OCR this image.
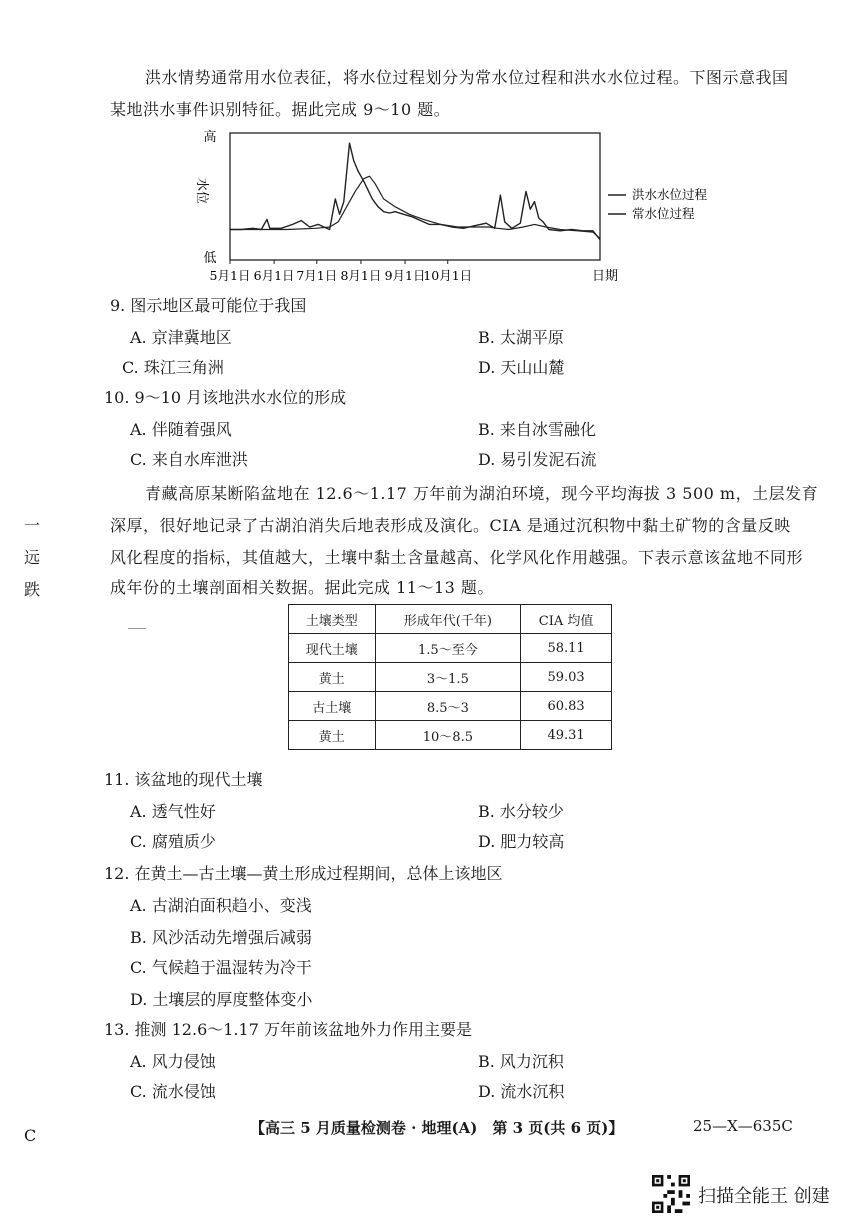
洪水情势通常用水位表征，将水位过程划分为常水位过程和洪水水位过程。下图示意我国
某地洪水事件识别特征。据此完成 9～10 题。
5月1日 6月1日 7月1日 8月1日 9月1日
10月1日
高
低
水位
日期
洪水水位过程
常水位过程
9. 图示地区最可能位于我国
A. 京津冀地区	B. 太湖平原
C. 珠江三角洲	D. 天山山麓
10. 9～10 月该地洪水水位的形成
A. 伴随着强风	B. 来自冰雪融化
C. 来自水库泄洪	D. 易引发泥石流
青藏高原某断陷盆地在 12.6～1.17 万年前为湖泊环境，现今平均海拔 3 500 m，土层发育
深厚，很好地记录了古湖泊消失后地表形成及演化。CIA 是通过沉积物中黏土矿物的含量反映
风化程度的指标，其值越大，土壤中黏土含量越高、化学风化作用越强。下表示意该盆地不同形
成年份的土壤剖面相关数据。据此完成 11～13 题。
一
远
跌
土壤类型	形成年代(千年)	CIA 均值
现代土壤	1.5～至今	58.11
黄土	3～1.5	59.03
古土壤	8.5～3	60.83
黄土	10～8.5	49.31
11. 该盆地的现代土壤
A. 透气性好	B. 水分较少
C. 腐殖质少	D. 肥力较高
12. 在黄土—古土壤—黄土形成过程期间，总体上该地区
A. 古湖泊面积趋小、变浅
B. 风沙活动先增强后减弱
C. 气候趋于温湿转为冷干
D. 土壤层的厚度整体变小
13. 推测 12.6～1.17 万年前该盆地外力作用主要是
A. 风力侵蚀	B. 风力沉积
C. 流水侵蚀	D. 流水沉积
C	【高三 5 月质量检测卷 · 地理(A)　第 3 页(共 6 页)】	25—X—635C
扫描全能王 创建
